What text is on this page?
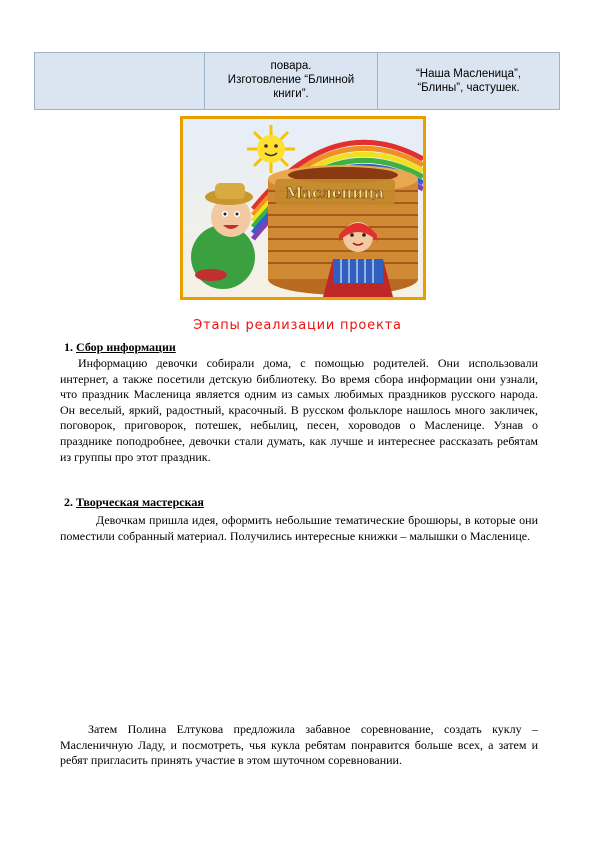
повара.
Изготовление “Блинной
книги”.
“Наша Масленица”,
“Блины”, частушек.
Масленица
Этапы реализации проекта
1. Сбор информации
Информацию девочки собирали дома, с помощью родителей. Они использовали интернет, а также посетили детскую библиотеку. Во время сбора информации они узнали, что праздник Масленица является одним из самых любимых праздников русского народа. Он веселый, яркий, радостный, красочный. В русском фольклоре нашлось много закличек, поговорок, приговорок, потешек, небылиц, песен, хороводов о Масленице. Узнав о празднике поподробнее, девочки стали думать, как лучше и интереснее рассказать ребятам из группы про этот праздник.
2. Творческая мастерская
Девочкам пришла идея, оформить небольшие тематические брошюры, в которые они поместили собранный материал. Получились интересные книжки – малышки о Масленице.
Затем Полина Елтукова предложила забавное соревнование, создать куклу – Масленичную Ладу, и посмотреть, чья кукла ребятам понравится больше всех, а затем и ребят пригласить принять участие в этом шуточном соревновании.
